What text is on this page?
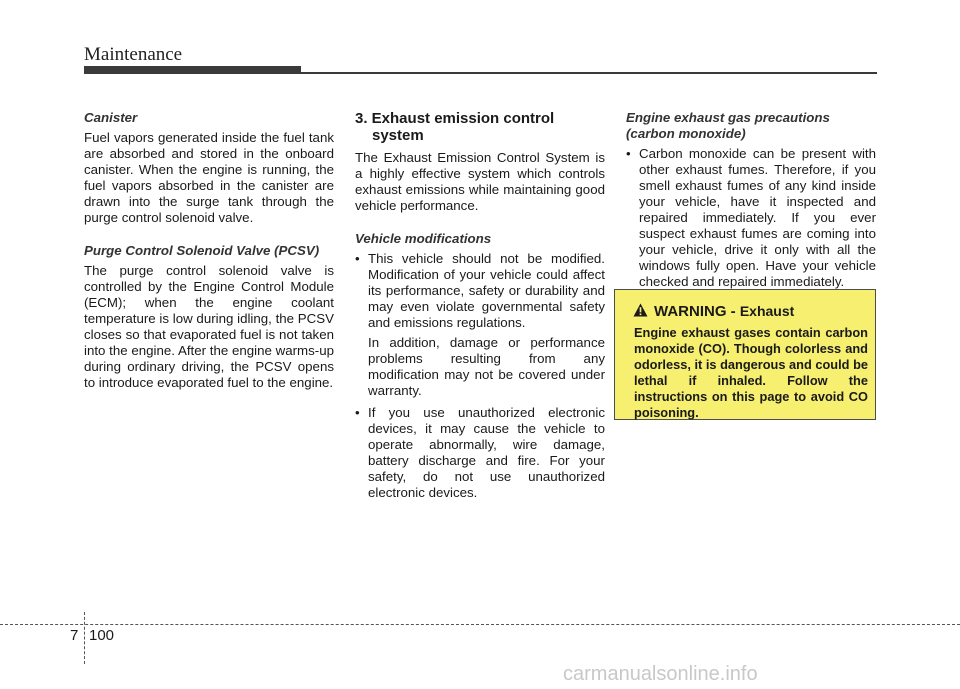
Maintenance

Canister

Fuel vapors generated inside the fuel tank are absorbed and stored in the onboard canister. When the engine is running, the fuel vapors absorbed in the canister are drawn into the surge tank through the purge control solenoid valve.

Purge Control Solenoid Valve (PCSV)

The purge control solenoid valve is controlled by the Engine Control Module (ECM); when the engine coolant temperature is low during idling, the PCSV closes so that evaporated fuel is not taken into the engine. After the engine warms-up during ordinary driving, the PCSV opens to introduce evaporated fuel to the engine.

3. Exhaust emission control system

The Exhaust Emission Control System is a highly effective system which controls exhaust emissions while maintaining good vehicle performance.

Vehicle modifications

• This vehicle should not be modified. Modification of your vehicle could affect its performance, safety or durability and may even violate governmental safety and emissions regulations.

In addition, damage or performance problems resulting from any modification may not be covered under warranty.

• If you use unauthorized electronic devices, it may cause the vehicle to operate abnormally, wire damage, battery discharge and fire. For your safety, do not use unauthorized electronic devices.

Engine exhaust gas precautions (carbon monoxide)

• Carbon monoxide can be present with other exhaust fumes. Therefore, if you smell exhaust fumes of any kind inside your vehicle, have it inspected and repaired immediately. If you ever suspect exhaust fumes are coming into your vehicle, drive it only with all the windows fully open. Have your vehicle checked and repaired immediately.

WARNING - Exhaust
Engine exhaust gases contain carbon monoxide (CO). Though colorless and odorless, it is dangerous and could be lethal if inhaled. Follow the instructions on this page to avoid CO poisoning.
7 100
carmanualsonline.info
